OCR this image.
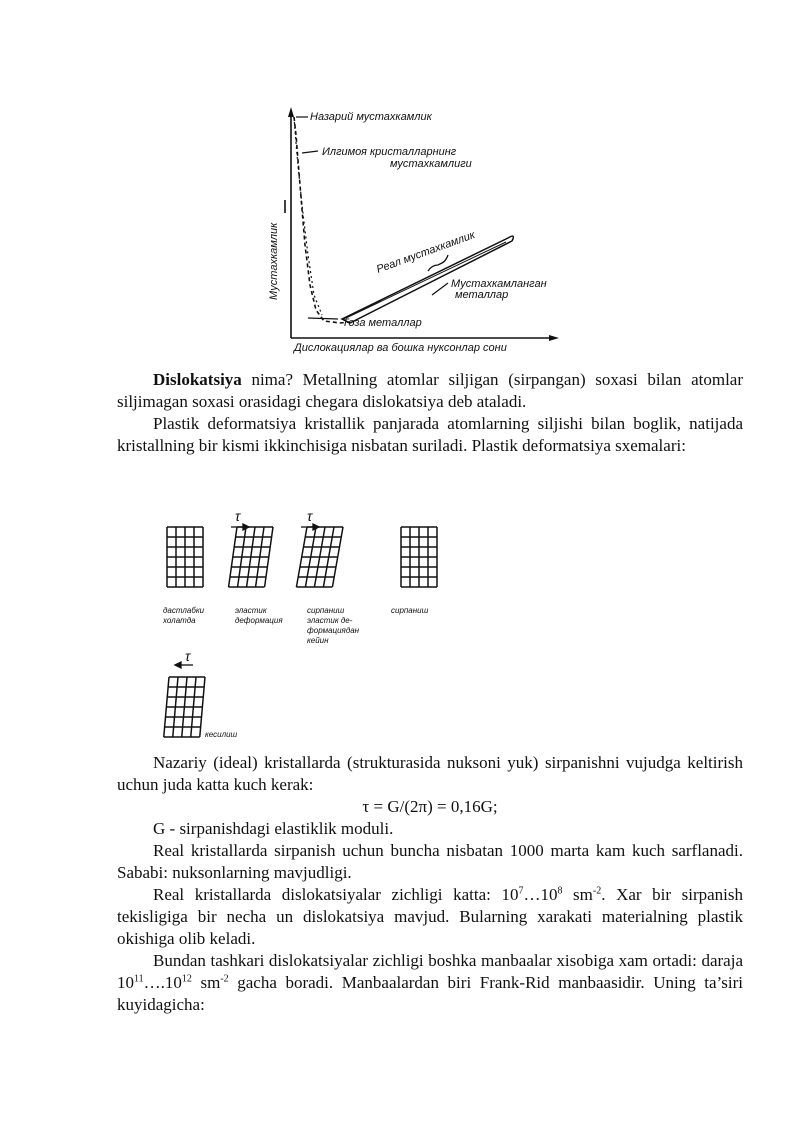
Назарий мустахкамлик
Илгимоя кристалларнинг
мустахкамлиги
Реал мустахкамлик
Мустахкамланган
металлар
Тоза металлар
Мустахкамлик
Дислокациялар ва бошка нуксонлар сони

Dislokatsiya nima? Metallning atomlar siljigan (sirpangan) soxasi bilan atomlar siljimagan soxasi orasidagi chegara dislokatsiya deb ataladi.

Plastik deformatsiya kristallik panjarada atomlarning siljishi bilan boglik, natijada kristallning bir kismi ikkinchisiga nisbatan suriladi. Plastik deformatsiya sxemalari:

τ	τ
τ
дастлабки
холатда
эластик
деформация
сирпаниш
эластик де-
формациядан
кейин
сирпаниш
кесилиш

Nazariy (ideal) kristallarda (strukturasida nuksoni yuk) sirpanishni vujudga keltirish uchun juda katta kuch kerak:

τ = G/(2π) = 0,16G;

G - sirpanishdagi elastiklik moduli.

Real kristallarda sirpanish uchun buncha nisbatan 1000 marta kam kuch sarflanadi. Sababi: nuksonlarning mavjudligi.

Real kristallarda dislokatsiyalar zichligi katta: $10^7\dots 10^8$ $sm^{-2}$. Xar bir sirpanish tekisligiga bir necha un dislokatsiya mavjud. Bularning xarakati materialning plastik okishiga olib keladi.

Bundan tashkari dislokatsiyalar zichligi boshka manbaalar xisobiga xam ortadi: daraja $10^{11}\dots.10^{12}$ $sm^{-2}$ gacha boradi. Manbaalardan biri Frank-Rid manbaasidir. Uning ta’siri kuyidagicha:
